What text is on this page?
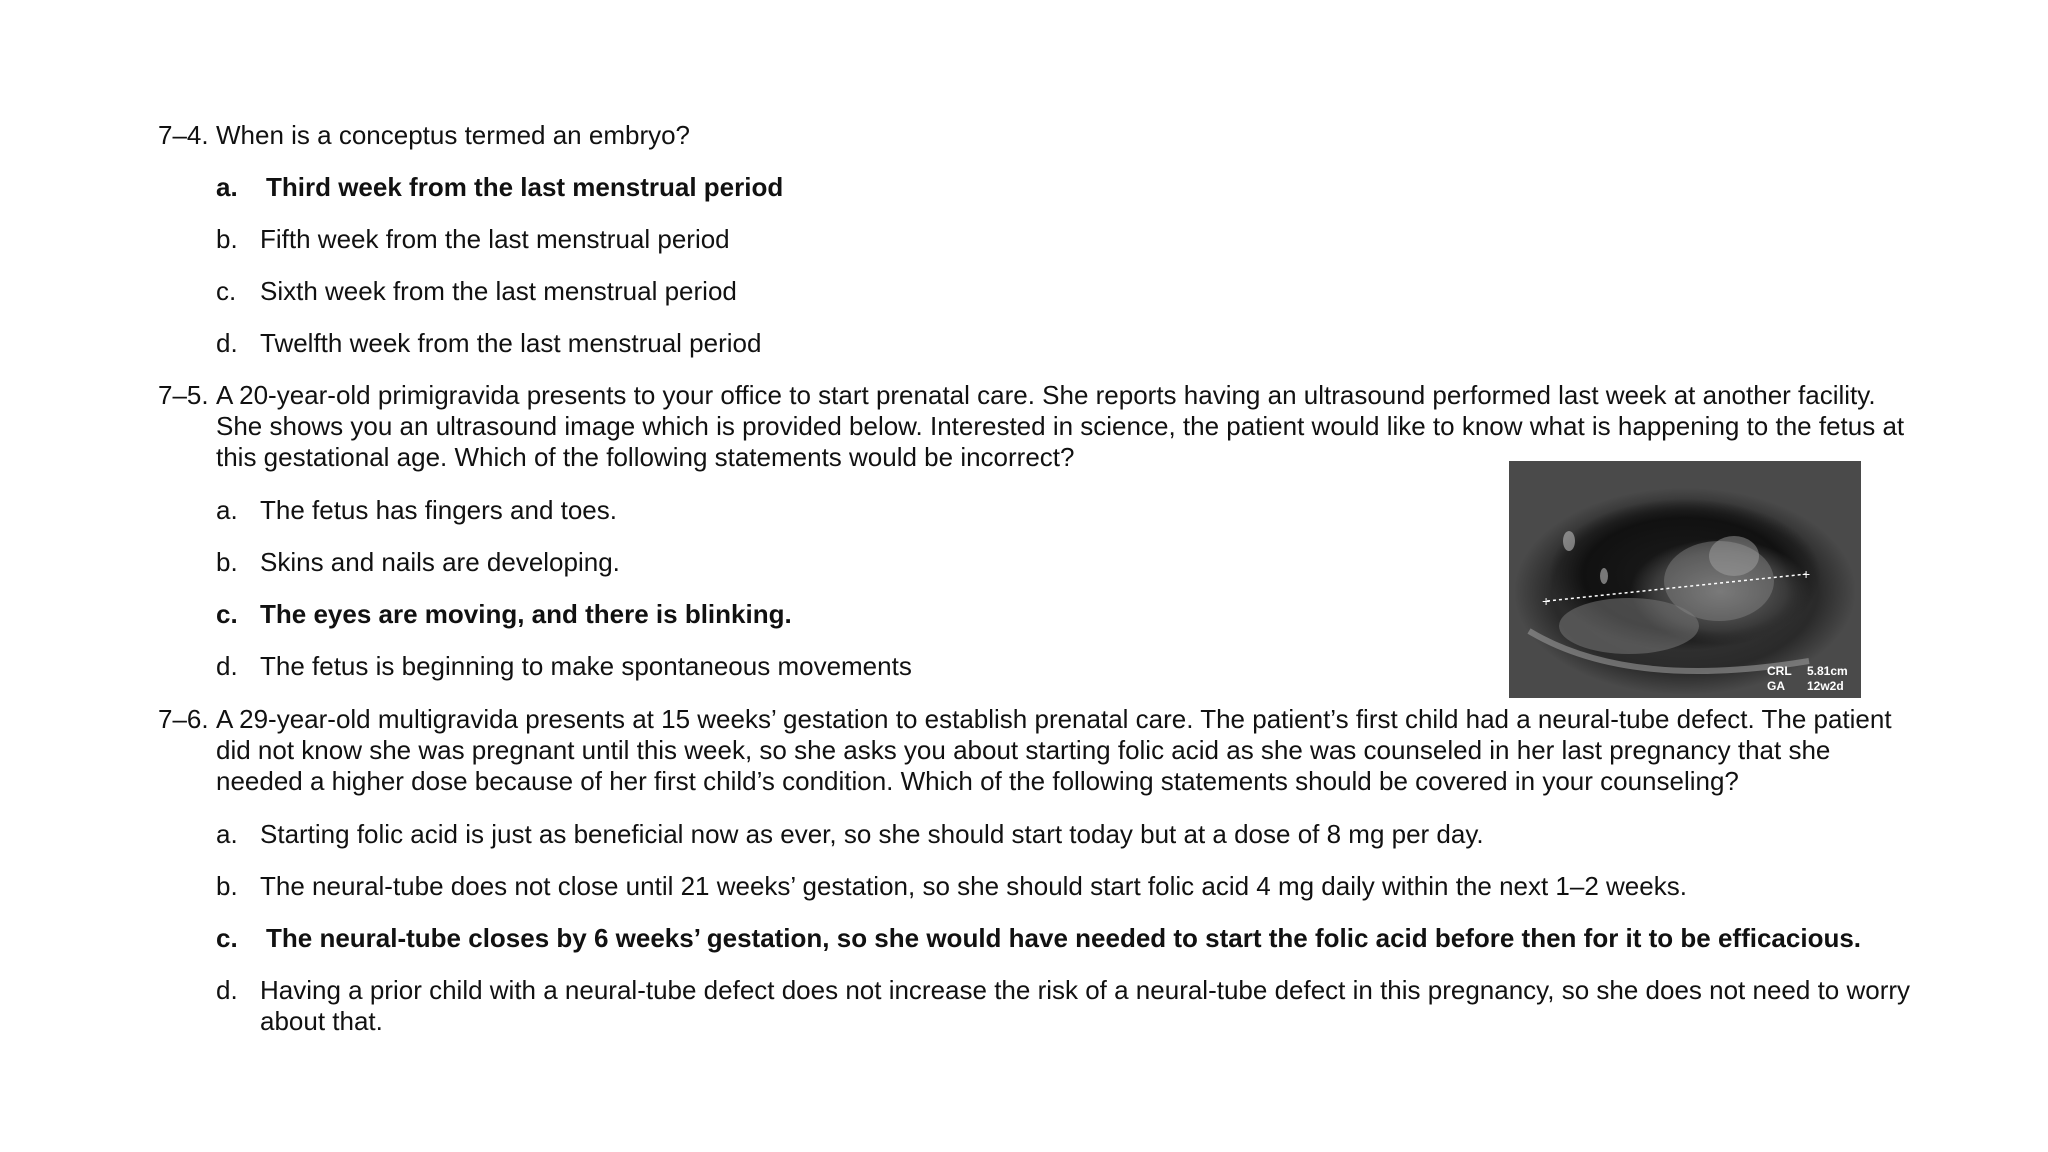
7–4. When is a conceptus termed an embryo?
a.	Third week from the last menstrual period
b. Fifth week from the last menstrual period
c. Sixth week from the last menstrual period
d. Twelfth week from the last menstrual period
7–5. A 20-year-old primigravida presents to your office to start prenatal care. She reports having an ultrasound performed last week at another facility. She shows you an ultrasound image which is provided below. Interested in science, the patient would like to know what is happening to the fetus at this gestational age. Which of the following statements would be incorrect?
a. The fetus has fingers and toes.
b. Skins and nails are developing.
c. The eyes are moving, and there is blinking.
d. The fetus is beginning to make spontaneous movements
+
+
CRL 5.81cm
GA 12w2d
7–6. A 29-year-old multigravida presents at 15 weeks’ gestation to establish prenatal care. The patient’s first child had a neural-tube defect. The patient did not know she was pregnant until this week, so she asks you about starting folic acid as she was counseled in her last pregnancy that she needed a higher dose because of her first child’s condition. Which of the following statements should be covered in your counseling?
a. Starting folic acid is just as beneficial now as ever, so she should start today but at a dose of 8 mg per day.
b. The neural-tube does not close until 21 weeks’ gestation, so she should start folic acid 4 mg daily within the next 1–2 weeks.
c.	The neural-tube closes by 6 weeks’ gestation, so she would have needed to start the folic acid before then for it to be efficacious.
d. Having a prior child with a neural-tube defect does not increase the risk of a neural-tube defect in this pregnancy, so she does not need to worry about that.
